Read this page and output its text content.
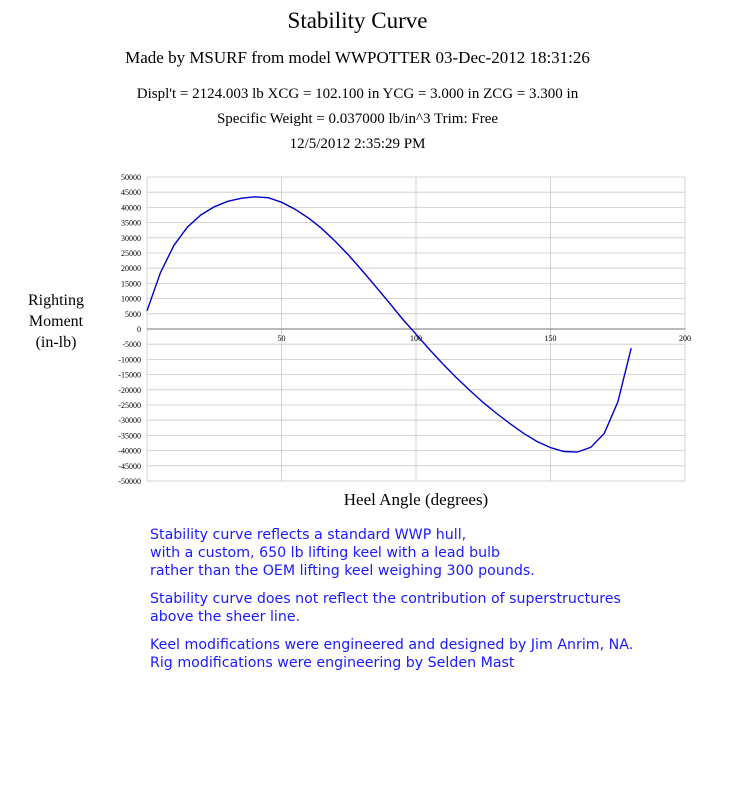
Stability Curve
Made by MSURF from model WWPOTTER 03-Dec-2012 18:31:26
Displ't = 2124.003 lb XCG = 102.100 in YCG = 3.000 in ZCG = 3.300 in
Specific Weight = 0.037000 lb/in^3 Trim: Free
12/5/2012 2:35:29 PM
Righting
Moment
(in-lb)
Heel Angle (degrees)
50000
45000
40000
35000
30000
25000
20000
15000
10000
5000
0
-5000
-10000
-15000
-20000
-25000
-30000
-35000
-40000
-45000
-50000
50	100	150	200

Stability curve reflects a standard WWP hull,
with a custom, 650 lb lifting keel with a lead bulb
rather than the OEM lifting keel weighing 300 pounds.

Stability curve does not reflect the contribution of superstructures
above the sheer line.

Keel modifications were engineered and designed by Jim Anrim, NA.
Rig modifications were engineering by Selden Mast
